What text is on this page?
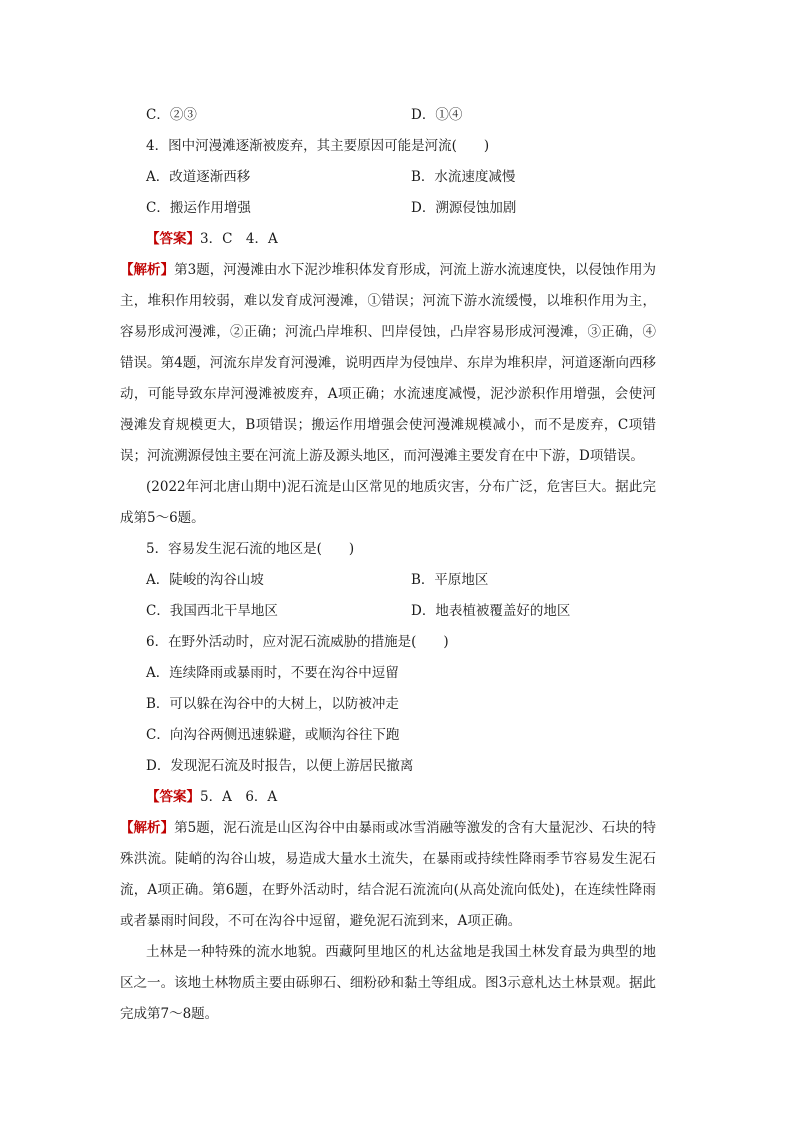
C．②③	D．①④
4．图中河漫滩逐渐被废弃，其主要原因可能是河流(　　)
A．改道逐渐西移	B．水流速度减慢
C．搬运作用增强	D．溯源侵蚀加剧
【答案】3．C　4．A
【解析】第3题，河漫滩由水下泥沙堆积体发育形成，河流上游水流速度快，以侵蚀作用为主，堆积作用较弱，难以发育成河漫滩，①错误；河流下游水流缓慢，以堆积作用为主，容易形成河漫滩，②正确；河流凸岸堆积、凹岸侵蚀，凸岸容易形成河漫滩，③正确，④错误。第4题，河流东岸发育河漫滩，说明西岸为侵蚀岸、东岸为堆积岸，河道逐渐向西移动，可能导致东岸河漫滩被废弃，A项正确；水流速度减慢，泥沙淤积作用增强，会使河漫滩发育规模更大，B项错误；搬运作用增强会使河漫滩规模减小，而不是废弃，C项错误；河流溯源侵蚀主要在河流上游及源头地区，而河漫滩主要发育在中下游，D项错误。
(2022年河北唐山期中)泥石流是山区常见的地质灾害，分布广泛，危害巨大。据此完成第5～6题。
5．容易发生泥石流的地区是(　　)
A．陡峻的沟谷山坡	B．平原地区
C．我国西北干旱地区	D．地表植被覆盖好的地区
6．在野外活动时，应对泥石流威胁的措施是(　　)
A．连续降雨或暴雨时，不要在沟谷中逗留
B．可以躲在沟谷中的大树上，以防被冲走
C．向沟谷两侧迅速躲避，或顺沟谷往下跑
D．发现泥石流及时报告，以便上游居民撤离
【答案】5．A　6．A
【解析】第5题，泥石流是山区沟谷中由暴雨或冰雪消融等激发的含有大量泥沙、石块的特殊洪流。陡峭的沟谷山坡，易造成大量水土流失，在暴雨或持续性降雨季节容易发生泥石流，A项正确。第6题，在野外活动时，结合泥石流流向(从高处流向低处)，在连续性降雨或者暴雨时间段，不可在沟谷中逗留，避免泥石流到来，A项正确。
土林是一种特殊的流水地貌。西藏阿里地区的札达盆地是我国土林发育最为典型的地区之一。该地土林物质主要由砾卵石、细粉砂和黏土等组成。图3示意札达土林景观。据此完成第7～8题。
